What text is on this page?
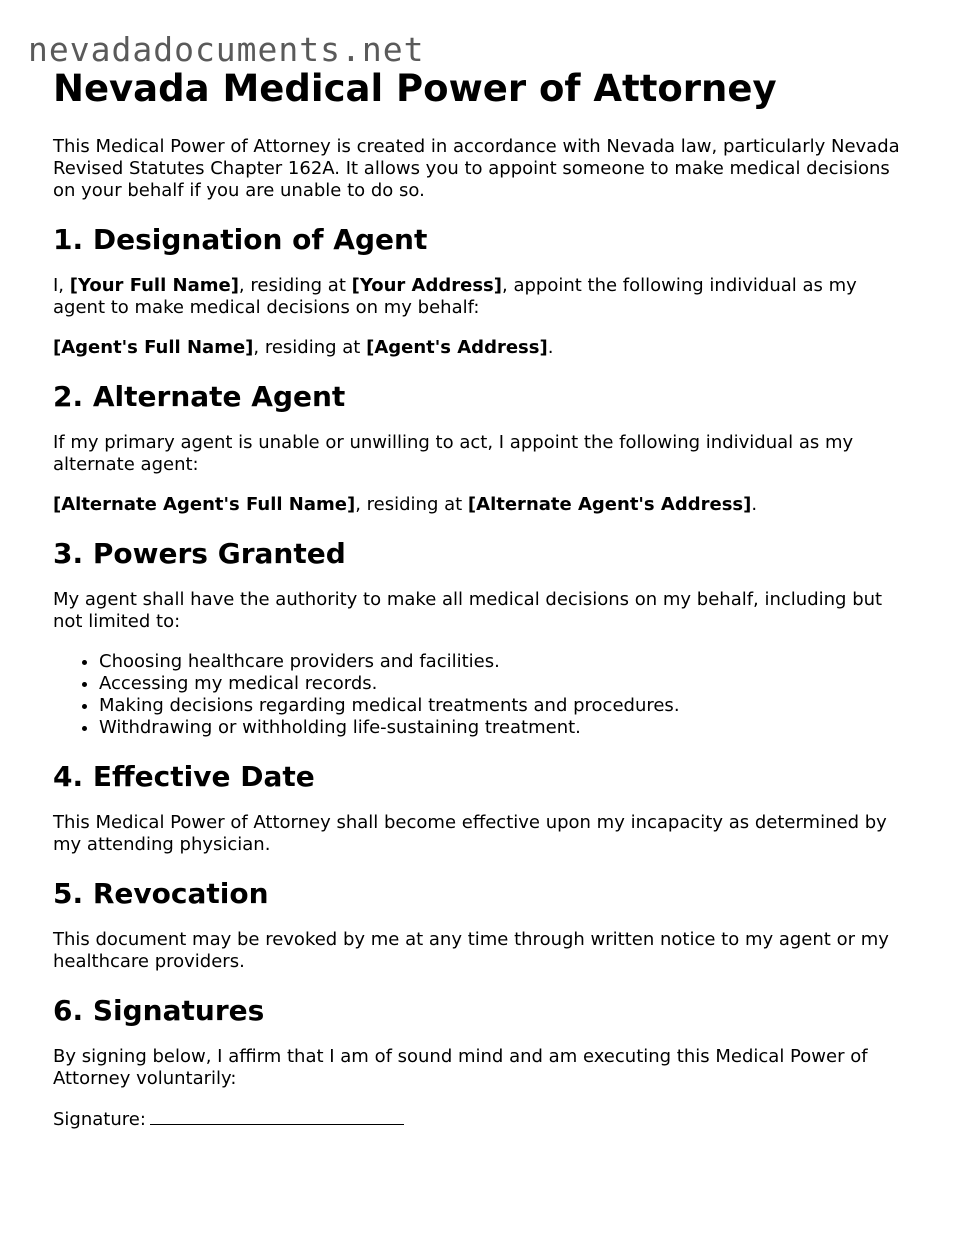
nevadadocuments.net
Nevada Medical Power of Attorney

This Medical Power of Attorney is created in accordance with Nevada law, particularly Nevada Revised Statutes Chapter 162A. It allows you to appoint someone to make medical decisions on your behalf if you are unable to do so.

1. Designation of Agent

I, [Your Full Name], residing at [Your Address], appoint the following individual as my agent to make medical decisions on my behalf:

[Agent's Full Name], residing at [Agent's Address].

2. Alternate Agent

If my primary agent is unable or unwilling to act, I appoint the following individual as my alternate agent:

[Alternate Agent's Full Name], residing at [Alternate Agent's Address].

3. Powers Granted

My agent shall have the authority to make all medical decisions on my behalf, including but not limited to:

• Choosing healthcare providers and facilities.
• Accessing my medical records.
• Making decisions regarding medical treatments and procedures.
• Withdrawing or withholding life-sustaining treatment.
4. Effective Date

This Medical Power of Attorney shall become effective upon my incapacity as determined by my attending physician.

5. Revocation

This document may be revoked by me at any time through written notice to my agent or my healthcare providers.

6. Signatures

By signing below, I affirm that I am of sound mind and am executing this Medical Power of Attorney voluntarily:

Signature:
